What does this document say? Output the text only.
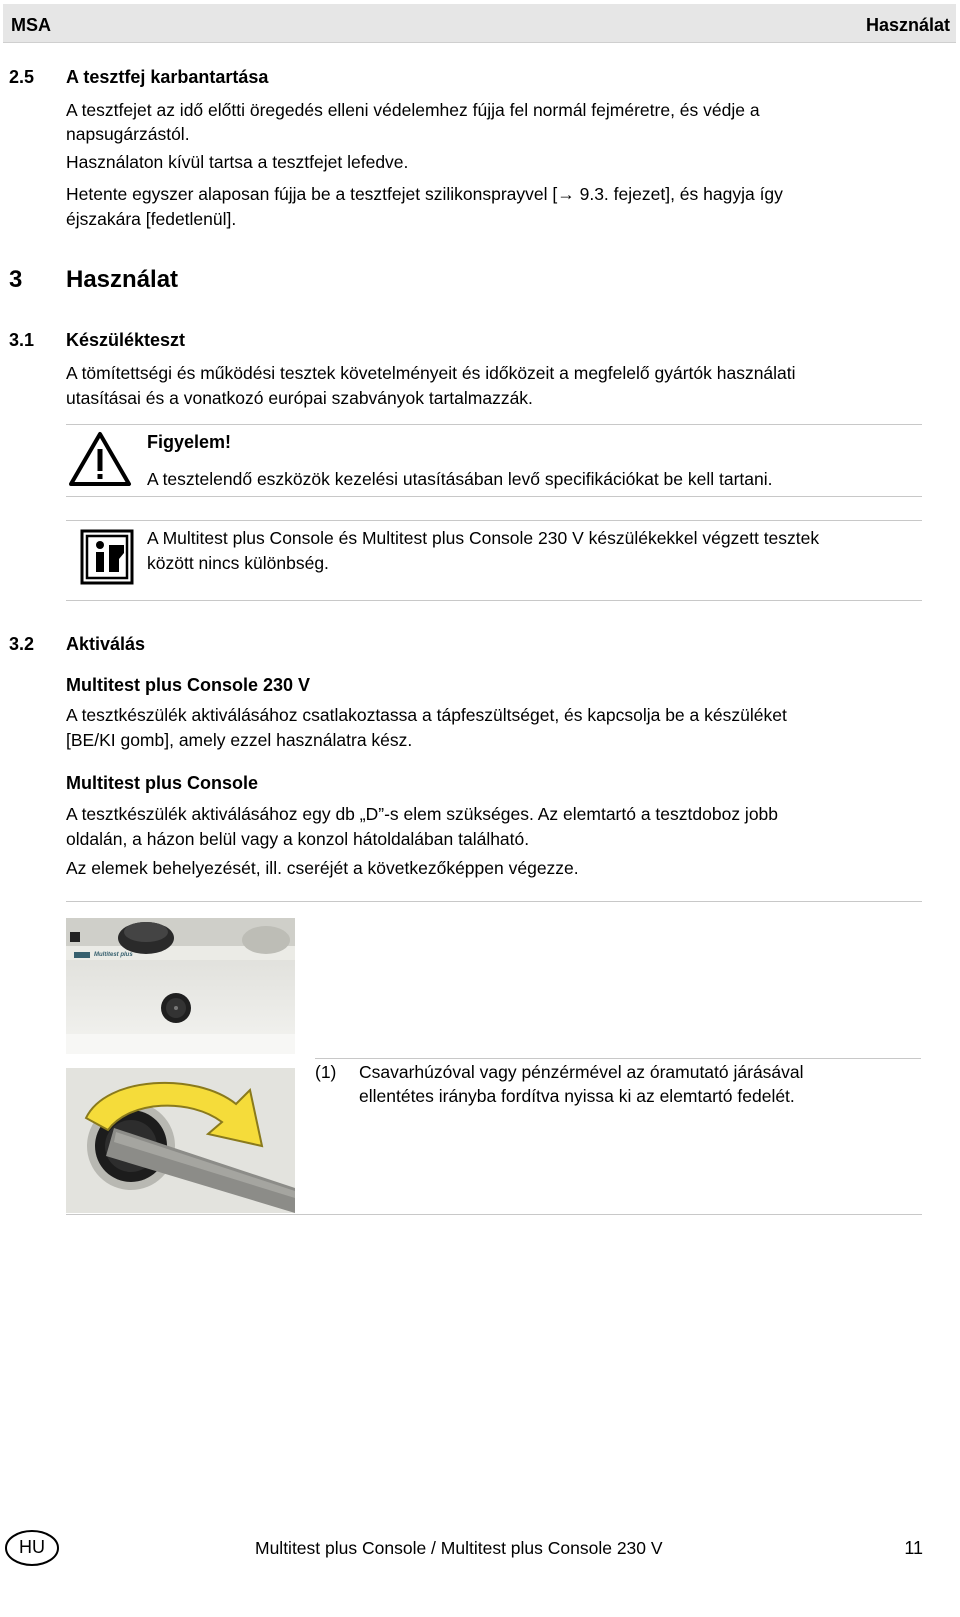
MSA	Használat
2.5 A tesztfej karbantartása
A tesztfejet az idő előtti öregedés elleni védelemhez fújja fel normál fejméretre, és védje a
napsugárzástól.
Használaton kívül tartsa a tesztfejet lefedve.
Hetente egyszer alaposan fújja be a tesztfejet szilikonsprayvel [→ 9.3. fejezet], és hagyja így
éjszakára [fedetlenül].
3 Használat
3.1 Készülékteszt
A tömítettségi és működési tesztek követelményeit és időközeit a megfelelő gyártók használati
utasításai és a vonatkozó európai szabványok tartalmazzák.
Figyelem!
A tesztelendő eszközök kezelési utasításában levő specifikációkat be kell tartani.
A Multitest plus Console és Multitest plus Console 230 V készülékekkel végzett tesztek
között nincs különbség.
3.2 Aktiválás
Multitest plus Console 230 V
A tesztkészülék aktiválásához csatlakoztassa a tápfeszültséget, és kapcsolja be a készüléket
[BE/KI gomb], amely ezzel használatra kész.
Multitest plus Console
A tesztkészülék aktiválásához egy db „D”-s elem szükséges. Az elemtartó a tesztdoboz jobb
oldalán, a házon belül vagy a konzol hátoldalában található.
Az elemek behelyezését, ill. cseréjét a következőképpen végezze.
Multitest plus
(1) Csavarhúzóval vagy pénzérmével az óramutató járásával
ellentétes irányba fordítva nyissa ki az elemtartó fedelét.
HU	Multitest plus Console / Multitest plus Console 230 V	11
